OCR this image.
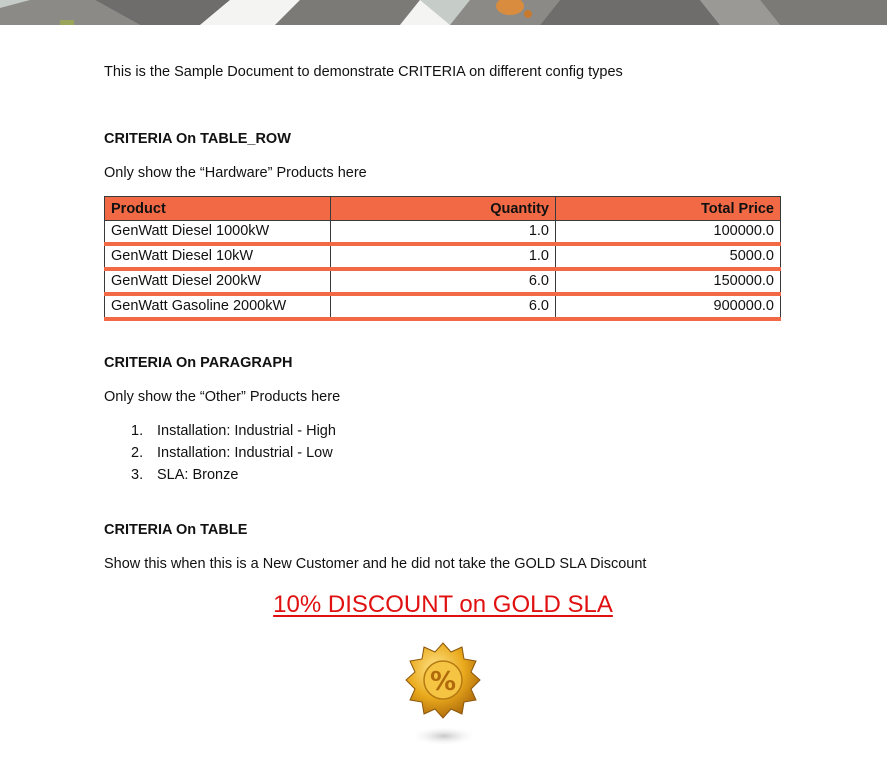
This is the Sample Document to demonstrate CRITERIA on different config types
CRITERIA On TABLE_ROW
Only show the “Hardware” Products here
Product	Quantity	Total Price
GenWatt Diesel 1000kW	1.0	100000.0
GenWatt Diesel 10kW	1.0	5000.0
GenWatt Diesel 200kW	6.0	150000.0
GenWatt Gasoline 2000kW	6.0	900000.0
CRITERIA On PARAGRAPH
Only show the “Other” Products here
1. Installation: Industrial - High
2. Installation: Industrial - Low
3. SLA: Bronze
CRITERIA On TABLE
Show this when this is a New Customer and he did not take the GOLD SLA Discount
10% DISCOUNT on GOLD SLA
%
